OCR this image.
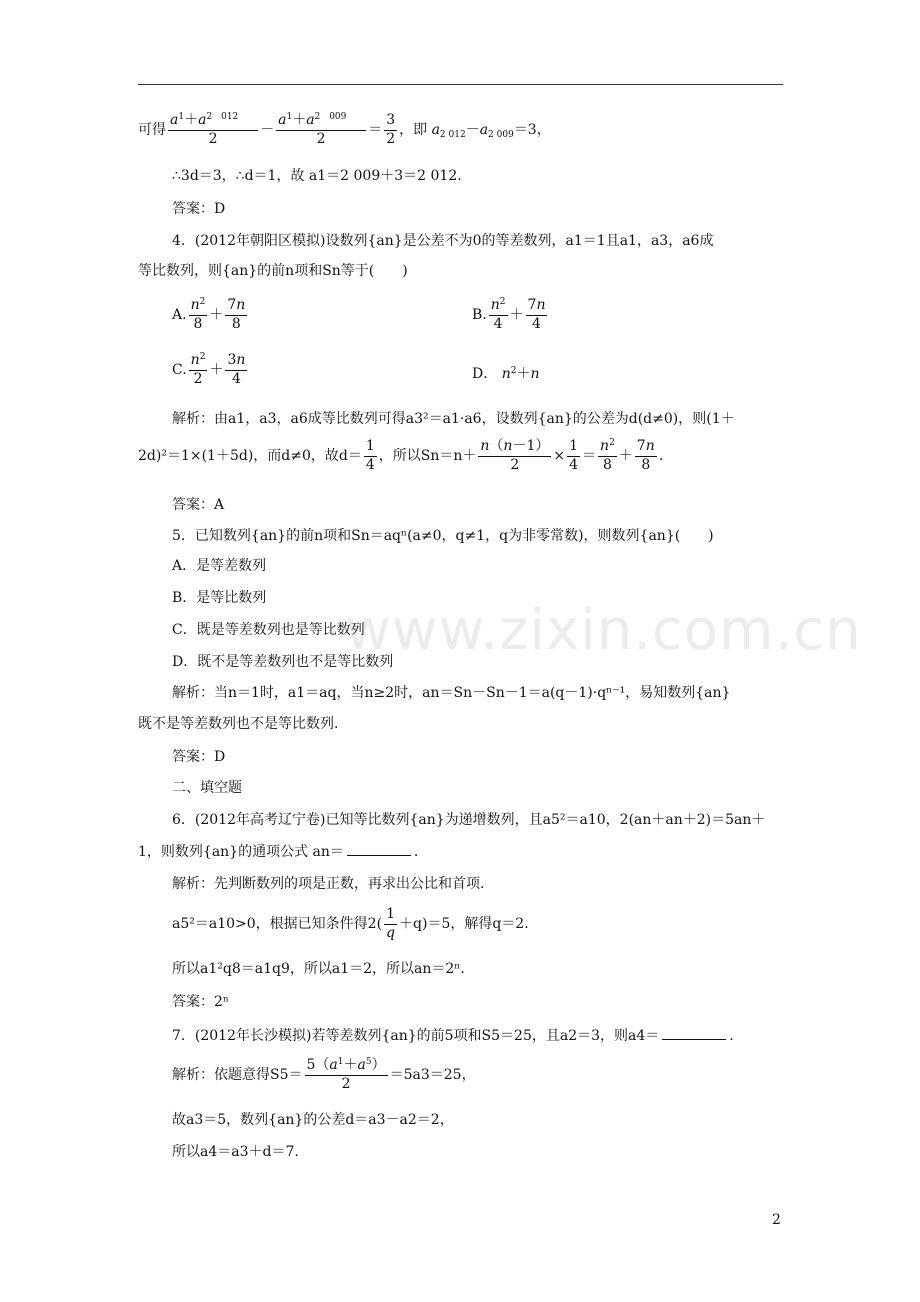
www.zixin.com.cn
可得 $\frac{a^1+a^2 ^{012}}{2} - \frac{a^1+a^2 ^{009}}{2} = \frac{3}{2}$ ，即 $a_{2 012}-a_{2 009}=3$，
∴3d＝3，∴d＝1，故 a1＝2 009＋3＝2 012.
答案：D
4．(2012年朝阳区模拟)设数列{an}是公差不为0的等差数列，a1＝1且a1，a3，a6成
等比数列，则{an}的前n项和Sn等于(　　)
A. $\frac{n^2}{8} + \frac{7n}{8}$	B. $\frac{n^2}{4} + \frac{7n}{4}$
C. $\frac{n^2}{2} + \frac{3n}{4}$	D． $n^2+n$
解析：由a1，a3，a6成等比数列可得a3²＝a1·a6，设数列{an}的公差为d(d≠0)，则(1＋
2d)²＝1×(1＋5d)，而d≠0，故$d= \frac{1}{4}$ ，所以$Sn=n+ \frac{n(n-1)}{2} \times \frac{1}{4} = \frac{n^2}{8} + \frac{7n}{8}$ .
答案：A
5．已知数列{an}的前n项和Sn＝aqⁿ(a≠0，q≠1，q为非零常数)，则数列{an}(　　)
A．是等差数列
B．是等比数列
C．既是等差数列也是等比数列
D．既不是等差数列也不是等比数列
解析：当n＝1时，a1＝aq，当n≥2时，an＝Sn－Sn－1＝a(q－1)·qⁿ⁻¹，易知数列{an}
既不是等差数列也不是等比数列.
答案：D
二、填空题
6．(2012年高考辽宁卷)已知等比数列{an}为递增数列，且a5²＝a10，2(an＋an＋2)＝5an＋
1，则数列{an}的通项公式 an＝	.
解析：先判断数列的项是正数，再求出公比和首项.
a5²＝a10>0，根据已知条件得$2( \frac{1}{q} +q)=5$，解得q＝2.
所以a1²q8＝a1q9，所以a1＝2，所以an＝2ⁿ.
答案：2ⁿ
7．(2012年长沙模拟)若等差数列{an}的前5项和S5＝25，且a2＝3，则a4＝	.
解析：依题意得$S5= \frac{5(a^1+a^5)}{2} =5a3=25$，
故a3＝5，数列{an}的公差d＝a3－a2＝2，
所以a4＝a3＋d＝7.
2
